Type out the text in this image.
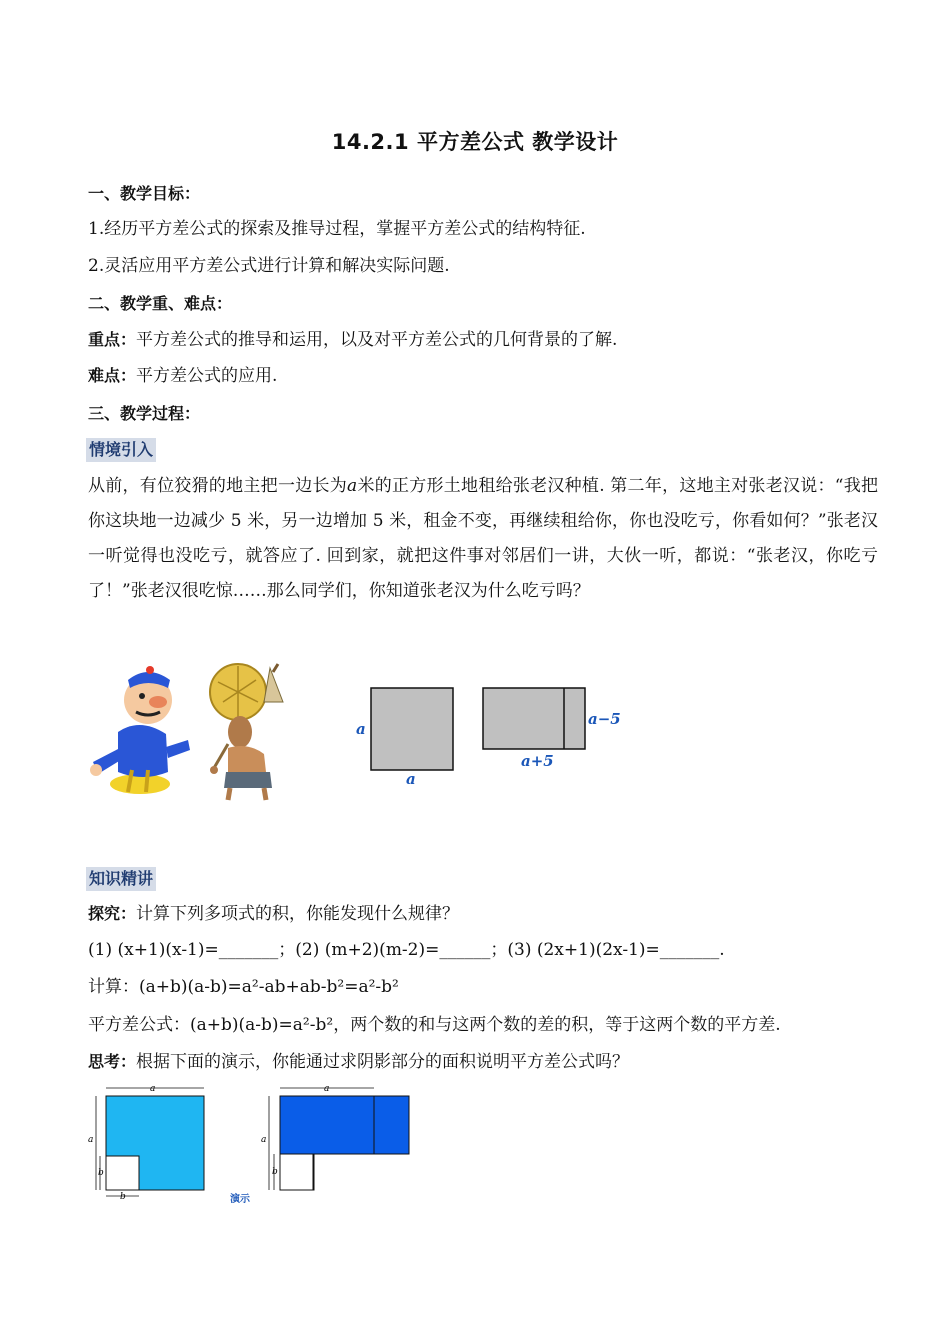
14.2.1 平方差公式 教学设计
一、教学目标：
1.经历平方差公式的探索及推导过程，掌握平方差公式的结构特征.
2.灵活应用平方差公式进行计算和解决实际问题.
二、教学重、难点：
重点：平方差公式的推导和运用，以及对平方差公式的几何背景的了解.
难点：平方差公式的应用.
三、教学过程：
情境引入
从前，有位狡猾的地主把一边长为a米的正方形土地租给张老汉种植. 第二年，这地主对张老汉说：“我把你这块地一边减少 5 米，另一边增加 5 米，租金不变，再继续租给你，你也没吃亏，你看如何？”张老汉一听觉得也没吃亏，就答应了. 回到家，就把这件事对邻居们一讲，大伙一听，都说：“张老汉，你吃亏了！”张老汉很吃惊……那么同学们，你知道张老汉为什么吃亏吗？
a
a
a−5
a+5
知识精讲
探究：计算下列多项式的积，你能发现什么规律？
(1) (x+1)(x-1)=_______；(2) (m+2)(m-2)=______；(3) (2x+1)(2x-1)=_______.
计算：(a+b)(a-b)=a²-ab+ab-b²=a²-b²
平方差公式：(a+b)(a-b)=a²-b²，两个数的和与这两个数的差的积，等于这两个数的平方差.
思考：根据下面的演示，你能通过求阴影部分的面积说明平方差公式吗？
a
a
b
b
a
a
b
演示
